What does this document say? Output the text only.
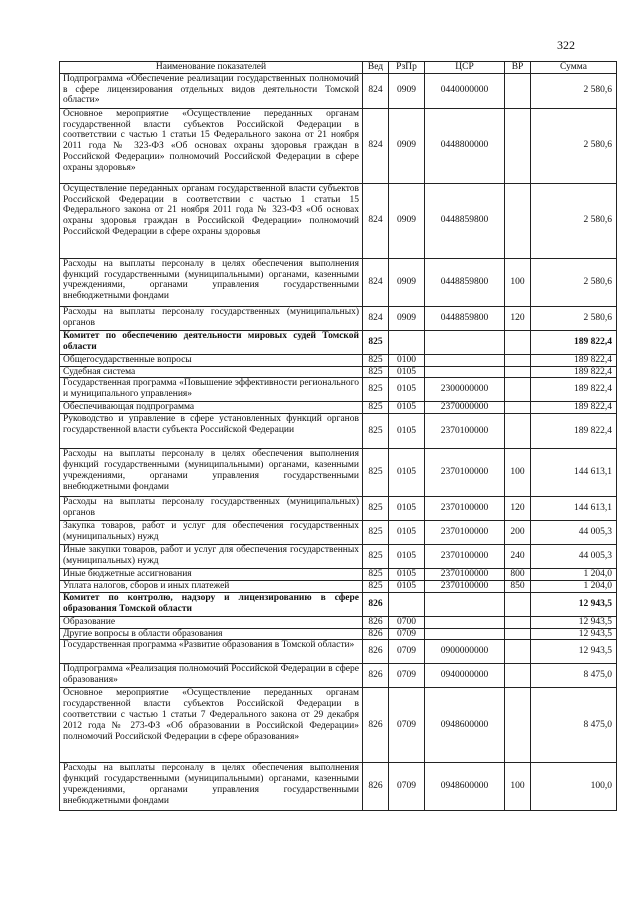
322
Наименование показателей	Вед	РзПр	ЦСР	ВР	Сумма
Подпрограмма «Обеспечение реализации государственных полномочий в сфере лицензирования отдельных видов деятельности Томской области»	824	0909	0440000000		2 580,6
Основное мероприятие «Осуществление переданных органам государственной власти субъектов Российской Федерации в соответствии с частью 1 статьи 15 Федерального закона от 21 ноября 2011 года № 323-ФЗ «Об основах охраны здоровья граждан в Российской Федерации» полномочий Российской Федерации в сфере охраны здоровья»	824	0909	0448800000		2 580,6
Осуществление переданных органам государственной власти субъектов Российской Федерации в соответствии с частью 1 статьи 15 Федерального закона от 21 ноября 2011 года № 323-ФЗ «Об основах охраны здоровья граждан в Российской Федерации» полномочий Российской Федерации в сфере охраны здоровья	824	0909	0448859800		2 580,6
Расходы на выплаты персоналу в целях обеспечения выполнения функций государственными (муниципальными) органами, казенными учреждениями, органами управления государственными внебюджетными фондами	824	0909	0448859800	100	2 580,6
Расходы на выплаты персоналу государственных (муниципальных) органов	824	0909	0448859800	120	2 580,6
Комитет по обеспечению деятельности мировых судей Томской области	825				189 822,4
Общегосударственные вопросы	825	0100			189 822,4
Судебная система	825	0105			189 822,4
Государственная программа «Повышение эффективности регионального и муниципального управления»	825	0105	2300000000		189 822,4
Обеспечивающая подпрограмма	825	0105	2370000000		189 822,4
Руководство и управление в сфере установленных функций органов государственной власти субъекта Российской Федерации	825	0105	2370100000		189 822,4
Расходы на выплаты персоналу в целях обеспечения выполнения функций государственными (муниципальными) органами, казенными учреждениями, органами управления государственными внебюджетными фондами	825	0105	2370100000	100	144 613,1
Расходы на выплаты персоналу государственных (муниципальных) органов	825	0105	2370100000	120	144 613,1
Закупка товаров, работ и услуг для обеспечения государственных (муниципальных) нужд	825	0105	2370100000	200	44 005,3
Иные закупки товаров, работ и услуг для обеспечения государственных (муниципальных) нужд	825	0105	2370100000	240	44 005,3
Иные бюджетные ассигнования	825	0105	2370100000	800	1 204,0
Уплата налогов, сборов и иных платежей	825	0105	2370100000	850	1 204,0
Комитет по контролю, надзору и лицензированию в сфере образования Томской области	826				12 943,5
Образование	826	0700			12 943,5
Другие вопросы в области образования	826	0709			12 943,5
Государственная программа «Развитие образования в Томской области»	826	0709	0900000000		12 943,5
Подпрограмма «Реализация полномочий Российской Федерации в сфере образования»	826	0709	0940000000		8 475,0
Основное мероприятие «Осуществление переданных органам государственной власти субъектов Российской Федерации в соответствии с частью 1 статьи 7 Федерального закона от 29 декабря 2012 года № 273-ФЗ «Об образовании в Российской Федерации» полномочий Российской Федерации в сфере образования»	826	0709	0948600000		8 475,0
Расходы на выплаты персоналу в целях обеспечения выполнения функций государственными (муниципальными) органами, казенными учреждениями, органами управления государственными внебюджетными фондами	826	0709	0948600000	100	100,0
